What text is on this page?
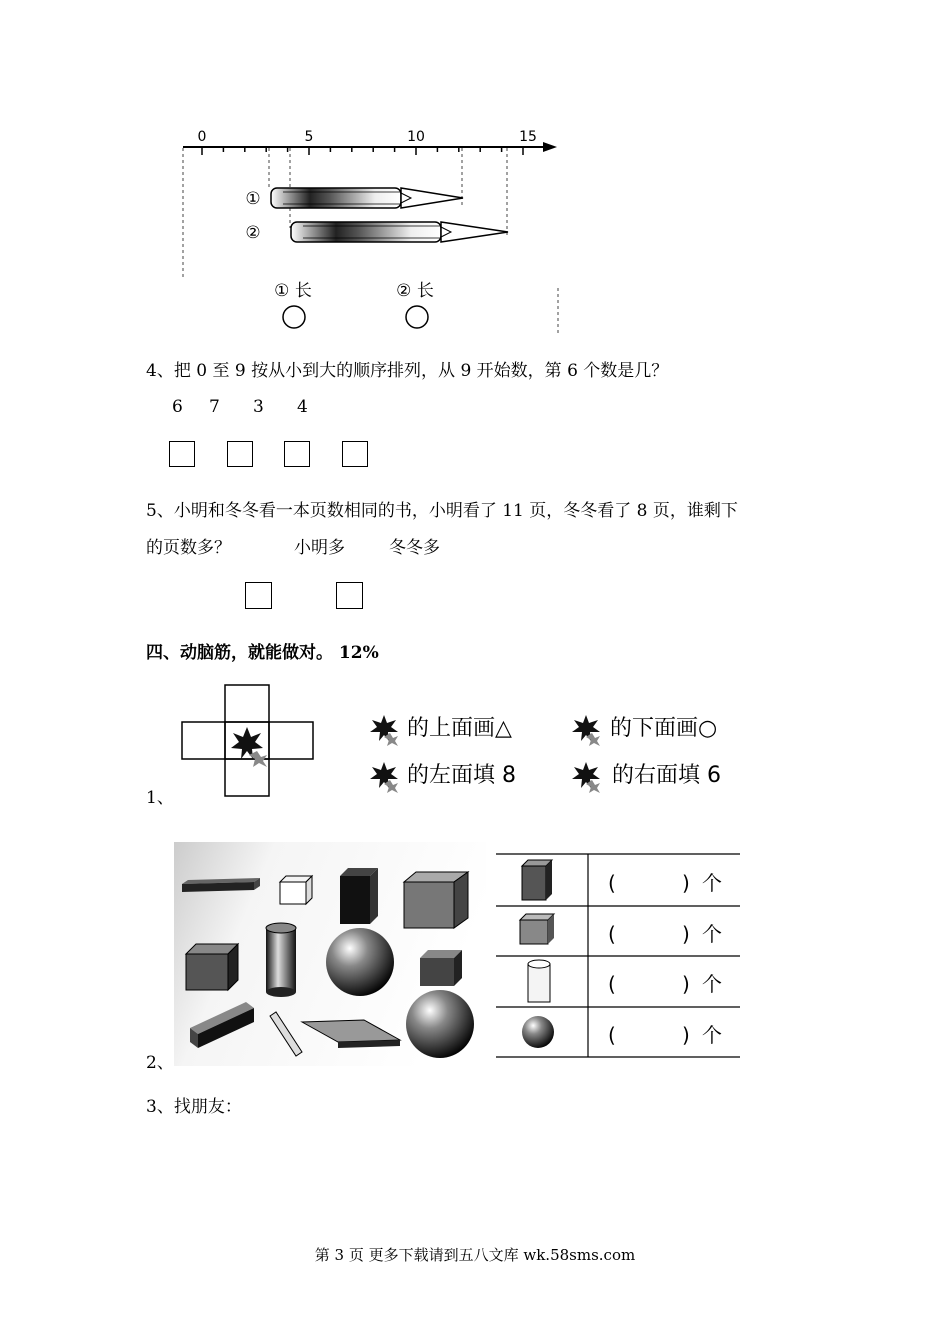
0	5	10	15
①
②
① 长	② 长
4、把 0 至 9 按从小到大的顺序排列，从 9 开始数，第 6 个数是几？
6 7 3 4
5、小明和冬冬看一本页数相同的书，小明看了 11 页，冬冬看了 8 页，谁剩下
的页数多？	小明多	冬冬多
四、动脑筋，就能做对。 12%
1、
的上面画△	的下面画○
的左面填 8	的右面填 6
2、
(	) 个
(	) 个
(	) 个
(	) 个
3、找朋友：
第 3 页 更多下载请到五八文库 wk.58sms.com
